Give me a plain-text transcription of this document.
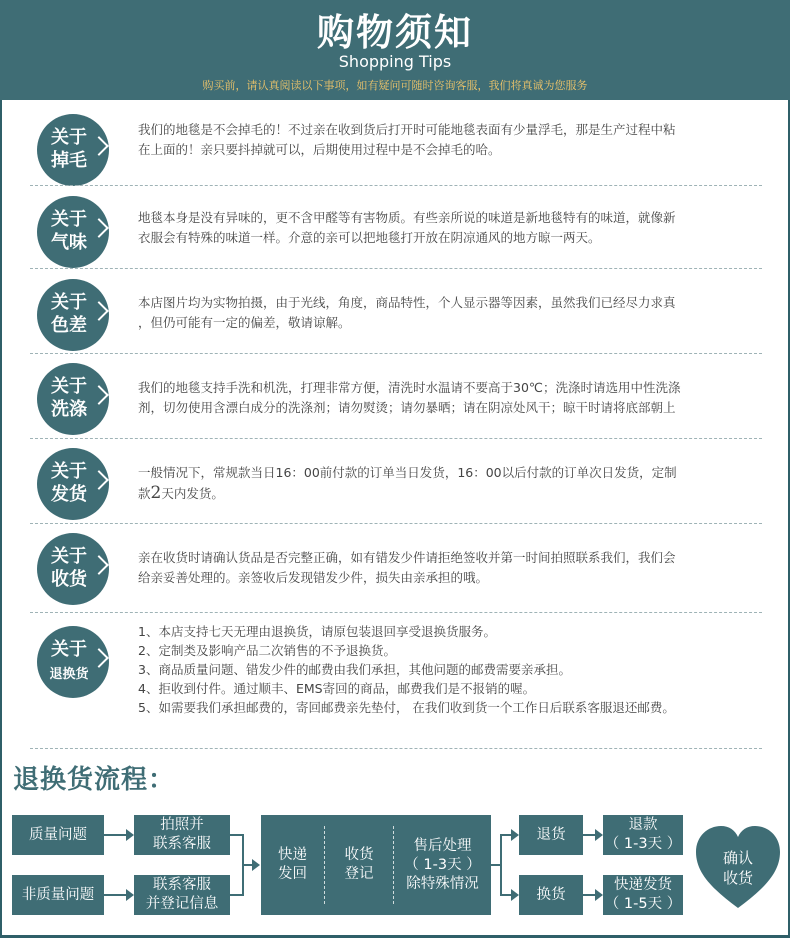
购物须知
Shopping Tips
购买前，请认真阅读以下事项，如有疑问可随时咨询客服，我们将真诚为您服务
关于
掉毛
我们的地毯是不会掉毛的！不过亲在收到货后打开时可能地毯表面有少量浮毛，那是生产过程中粘
在上面的！亲只要抖掉就可以，后期使用过程中是不会掉毛的哈。
关于
气味
地毯本身是没有异味的，更不含甲醛等有害物质。有些亲所说的味道是新地毯特有的味道，就像新
衣服会有特殊的味道一样。介意的亲可以把地毯打开放在阴凉通风的地方晾一两天。
关于
色差
本店图片均为实物拍摄，由于光线，角度，商品特性，个人显示器等因素，虽然我们已经尽力求真
，但仍可能有一定的偏差，敬请谅解。
关于
洗涤
我们的地毯支持手洗和机洗，打理非常方便，清洗时水温请不要高于30℃；洗涤时请选用中性洗涤
剂，切勿使用含漂白成分的洗涤剂；请勿熨烫；请勿暴晒；请在阴凉处风干；晾干时请将底部朝上
关于
发货
一般情况下，常规款当日16：00前付款的订单当日发货，16：00以后付款的订单次日发货，定制
款2天内发货。
关于
收货
亲在收货时请确认货品是否完整正确，如有错发少件请拒绝签收并第一时间拍照联系我们，我们会
给亲妥善处理的。亲签收后发现错发少件，损失由亲承担的哦。
关于
退换货
1、本店支持七天无理由退换货，请原包装退回享受退换货服务。
2、定制类及影响产品二次销售的不予退换货。
3、商品质量问题、错发少件的邮费由我们承担，其他问题的邮费需要亲承担。
4、拒收到付件。通过顺丰、EMS寄回的商品，邮费我们是不报销的喔。
5、如需要我们承担邮费的，寄回邮费亲先垫付， 在我们收到货一个工作日后联系客服退还邮费。
退换货流程：
质量问题
非质量问题
拍照并
联系客服
联系客服
并登记信息
快递
发回
收货
登记
售后处理
（ 1-3天 ）
除特殊情况
退货
换货
退款
（ 1-3天 ）
快递发货
（ 1-5天 ）
确认
收货
